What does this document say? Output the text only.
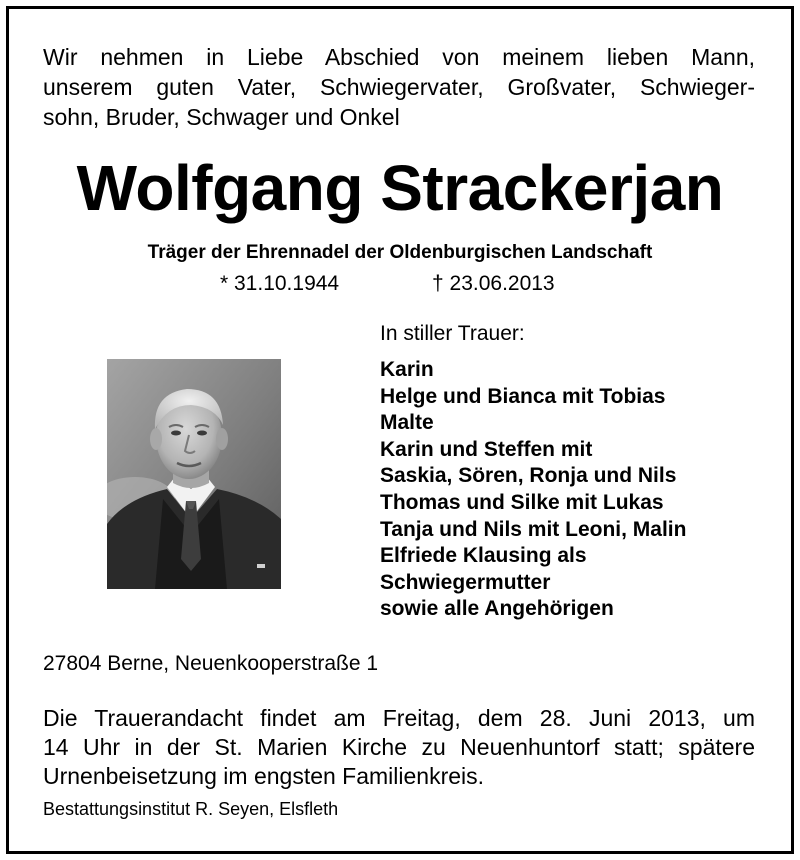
Wir nehmen in Liebe Abschied von meinem lieben Mann,
unserem guten Vater, Schwiegervater, Großvater, Schwieger-
sohn, Bruder, Schwager und Onkel
Wolfgang Strackerjan
Träger der Ehrennadel der Oldenburgischen Landschaft
* 31.10.1944	† 23.06.2013
In stiller Trauer:
Karin
Helge und Bianca mit Tobias
Malte
Karin und Steffen mit
Saskia, Sören, Ronja und Nils
Thomas und Silke mit Lukas
Tanja und Nils mit Leoni, Malin
Elfriede Klausing als
Schwiegermutter
sowie alle Angehörigen
27804 Berne, Neuenkooperstraße 1
Die Trauerandacht findet am Freitag, dem 28. Juni 2013, um
14 Uhr in der St. Marien Kirche zu Neuenhuntorf statt; spätere
Urnenbeisetzung im engsten Familienkreis.
Bestattungsinstitut R. Seyen, Elsfleth
